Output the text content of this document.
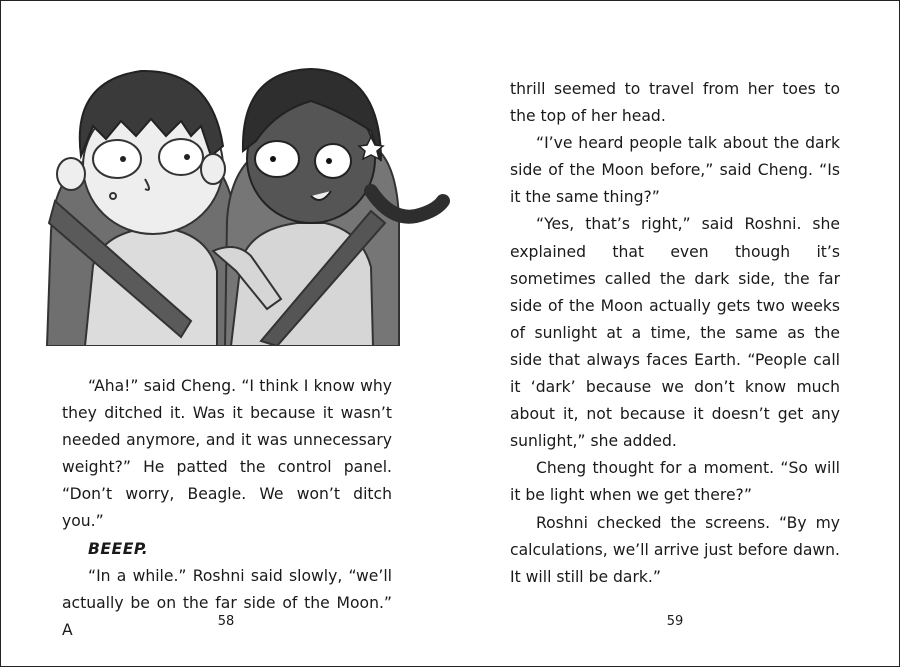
“Aha!” said Cheng. “I think I know why they ditched it. Was it because it wasn’t needed anymore, and it was unnecessary weight?” He patted the control panel. “Don’t worry, Beagle. We won’t ditch you.”

BEEEP.

“In a while.” Roshni said slowly, “we’ll actually be on the far side of the Moon.” A	58

thrill seemed to travel from her toes to the top of her head.

“I’ve heard people talk about the dark side of the Moon before,” said Cheng. “Is it the same thing?”

“Yes, that’s right,” said Roshni. she explained that even though it’s sometimes called the dark side, the far side of the Moon actually gets two weeks of sunlight at a time, the same as the side that always faces Earth. “People call it ‘dark’ because we don’t know much about it, not because it doesn’t get any sunlight,” she added.

Cheng thought for a moment. “So will it be light when we get there?”

Roshni checked the screens. “By my calculations, we’ll arrive just before dawn. It will still be dark.”

59
